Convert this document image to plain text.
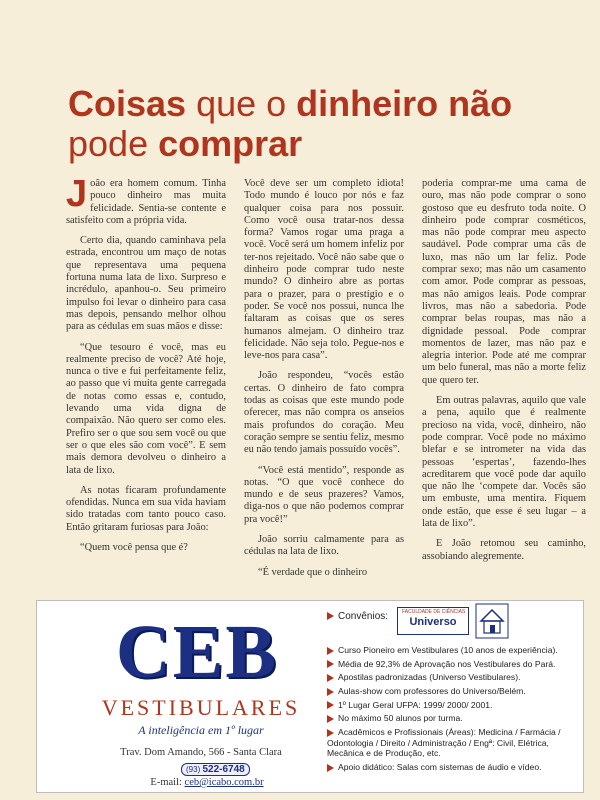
Coisas que o dinheiro não
pode comprar

João era homem comum. Tinha pouco dinheiro mas muita felicidade. Sentia-se contente e satisfeito com a própria vida.

Certo dia, quando caminhava pela estrada, encontrou um maço de notas que representava uma pequena fortuna numa lata de lixo. Surpreso e incrédulo, apanhou-o. Seu primeiro impulso foi levar o dinheiro para casa mas depois, pensando melhor olhou para as cédulas em suas mãos e disse:

“Que tesouro é você, mas eu realmente preciso de você? Até hoje, nunca o tive e fui perfeitamente feliz, ao passo que vi muita gente carregada de notas como essas e, contudo, levando uma vida digna de compaixão. Não quero ser como eles. Prefiro ser o que sou sem você ou que ser o que eles são com você”. E sem mais demora devolveu o dinheiro a lata de lixo.

As notas ficaram profundamente ofendidas. Nunca em sua vida haviam sido tratadas com tanto pouco caso. Então gritaram furiosas para João:

“Quem você pensa que é?

Você deve ser um completo idiota! Todo mundo é louco por nós e faz qualquer coisa para nos possuir. Como você ousa tratar-nos dessa forma? Vamos rogar uma praga a você. Você será um homem infeliz por ter-nos rejeitado. Você não sabe que o dinheiro pode comprar tudo neste mundo? O dinheiro abre as portas para o prazer, para o prestígio e o poder. Se você nos possui, nunca lhe faltaram as coisas que os seres humanos almejam. O dinheiro traz felicidade. Não seja tolo. Pegue-nos e leve-nos para casa”.

João respondeu, “vocês estão certas. O dinheiro de fato compra todas as coisas que este mundo pode oferecer, mas não compra os anseios mais profundos do coração. Meu coração sempre se sentiu feliz, mesmo eu não tendo jamais possuído vocês”.

“Você está mentido”, responde as notas. “O que você conhece do mundo e de seus prazeres? Vamos, diga-nos o que não podemos comprar pra você!”

João sorriu calmamente para as cédulas na lata de lixo.

“É verdade que o dinheiro

poderia comprar-me uma cama de ouro, mas não pode comprar o sono gostoso que eu desfruto toda noite. O dinheiro pode comprar cosméticos, mas não pode comprar meu aspecto saudável. Pode comprar uma cãs de luxo, mas não um lar feliz. Pode comprar sexo; mas não um casamento com amor. Pode comprar as pessoas, mas não amigos leais. Pode comprar livros, mas não a sabedoria. Pode comprar belas roupas, mas não a dignidade pessoal. Pode comprar momentos de lazer, mas não paz e alegria interior. Pode até me comprar um belo funeral, mas não a morte feliz que quero ter.

Em outras palavras, aquilo que vale a pena, aquilo que é realmente precioso na vida, você, dinheiro, não pode comprar. Você pode no máximo blefar e se intrometer na vida das pessoas ‘espertas’, fazendo-lhes acreditarem que você pode dar aquilo que não lhe ‘compete dar. Vocês são um embuste, uma mentira. Fiquem onde estão, que esse é seu lugar – a lata de lixo”.

E João retomou seu caminho, assobiando alegremente.

CEB
VESTIBULARES
A inteligência em 1º lugar
Trav. Dom Amando, 566 - Santa Clara
(93) 522-6748
E-mail: ceb@icabo.com.br
Convênios:	FACULDADE DE CIÊNCIAS
Universo
Curso Pioneiro em Vestibulares (10 anos de experiência).
Média de 92,3% de Aprovação nos Vestibulares do Pará.
Apostilas padronizadas (Universo Vestibulares).
Aulas-show com professores do Universo/Belém.
1º Lugar Geral UFPA: 1999/ 2000/ 2001.
No máximo 50 alunos por turma.
Acadêmicos e Profissionais (Áreas): Medicina / Farmácia / Odontologia / Direito / Administração / Engª: Civil, Elétrica, Mecânica e de Produção, etc.
Apoio didático: Salas com sistemas de áudio e vídeo.
